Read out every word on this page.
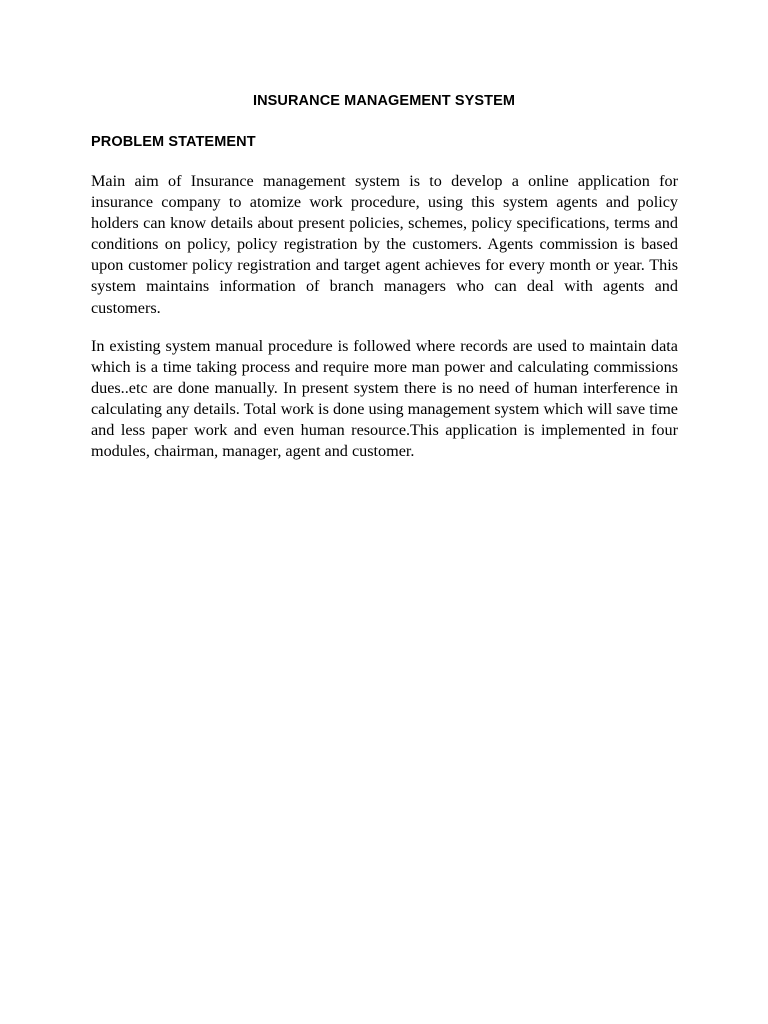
INSURANCE MANAGEMENT SYSTEM
PROBLEM STATEMENT

Main aim of Insurance management system is to develop a online application for insurance company to atomize work procedure, using this system agents and policy holders can know details about present policies, schemes, policy specifications, terms and conditions on policy, policy registration by the customers. Agents commission is based upon customer policy registration and target agent achieves for every month or year. This system maintains information of branch managers who can deal with agents and customers.

In existing system manual procedure is followed where records are used to maintain data which is a time taking process and require more man power and calculating commissions dues..etc are done manually. In present system there is no need of human interference in calculating any details. Total work is done using management system which will save time and less paper work and even human resource.This application is implemented in four modules, chairman, manager, agent and customer.
